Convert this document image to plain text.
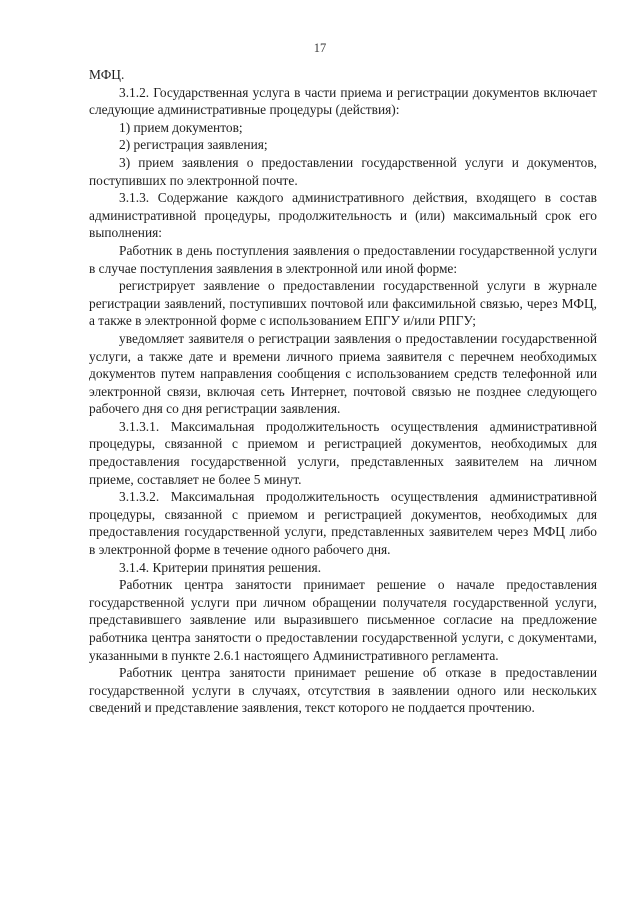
17

МФЦ.

3.1.2. Государственная услуга в части приема и регистрации документов включает следующие административные процедуры (действия):

1) прием документов;

2) регистрация заявления;

3) прием заявления о предоставлении государственной услуги и документов, поступивших по электронной почте.

3.1.3. Содержание каждого административного действия, входящего в состав административной процедуры, продолжительность и (или) максимальный срок его выполнения:

Работник в день поступления заявления о предоставлении государственной услуги в случае поступления заявления в электронной или иной форме:

регистрирует заявление о предоставлении государственной услуги в журнале регистрации заявлений, поступивших почтовой или факсимильной связью, через МФЦ, а также в электронной форме с использованием ЕПГУ и/или РПГУ;

уведомляет заявителя о регистрации заявления о предоставлении государственной услуги, а также дате и времени личного приема заявителя с перечнем необходимых документов путем направления сообщения с использованием средств телефонной или электронной связи, включая сеть Интернет, почтовой связью не позднее следующего рабочего дня со дня регистрации заявления.

3.1.3.1. Максимальная продолжительность осуществления административной процедуры, связанной с приемом и регистрацией документов, необходимых для предоставления государственной услуги, представленных заявителем на личном приеме, составляет не более 5 минут.

3.1.3.2. Максимальная продолжительность осуществления административной процедуры, связанной с приемом и регистрацией документов, необходимых для предоставления государственной услуги, представленных заявителем через МФЦ либо в электронной форме в течение одного рабочего дня.

3.1.4. Критерии принятия решения.

Работник центра занятости принимает решение о начале предоставления государственной услуги при личном обращении получателя государственной услуги, представившего заявление или выразившего письменное согласие на предложение работника центра занятости о предоставлении государственной услуги, с документами, указанными в пункте 2.6.1 настоящего Административного регламента.

Работник центра занятости принимает решение об отказе в предоставлении государственной услуги в случаях, отсутствия в заявлении одного или нескольких сведений и представление заявления, текст которого не поддается прочтению.
